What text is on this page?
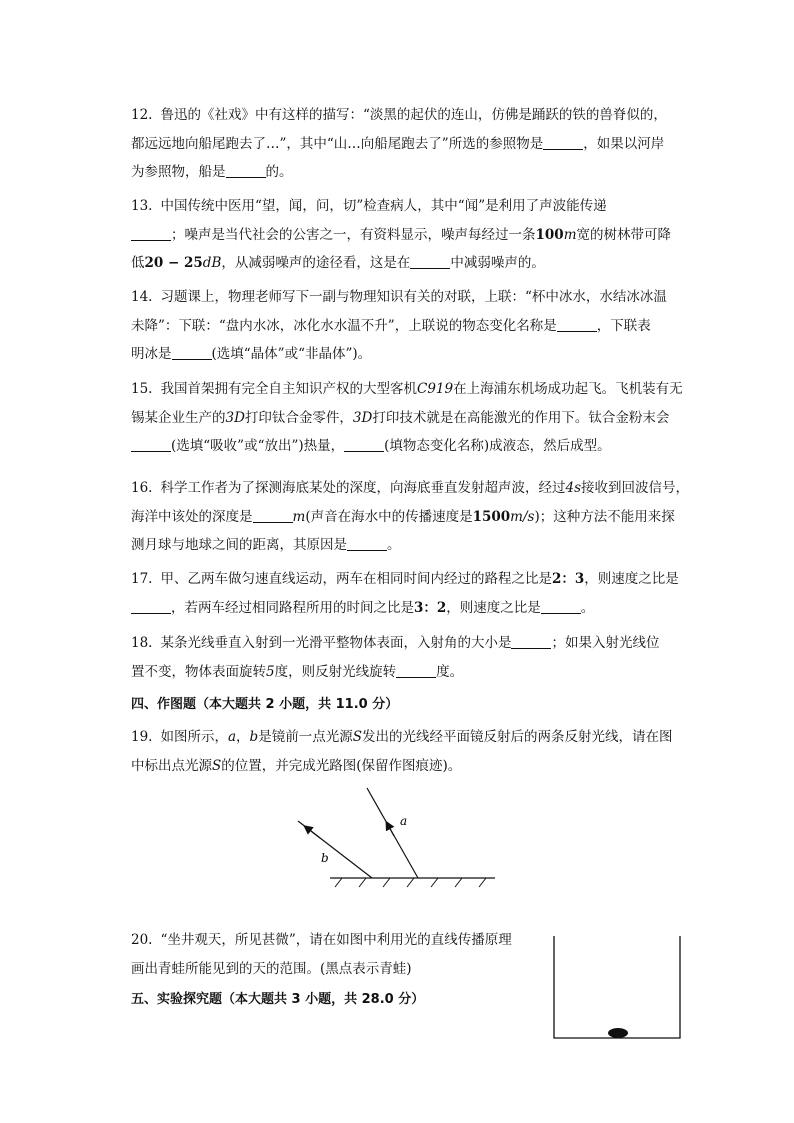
12. 鲁迅的《社戏》中有这样的描写：“淡黑的起伏的连山，仿佛是踊跃的铁的兽脊似的，
都远远地向船尾跑去了…”，其中“山…向船尾跑去了”所选的参照物是	，如果以河岸
为参照物，船是	的。
13. 中国传统中医用“望，闻，问，切”检查病人，其中“闻”是利用了声波能传递
；噪声是当代社会的公害之一，有资料显示，噪声每经过一条100m宽的树林带可降
低20 − 25dB，从减弱噪声的途径看，这是在	中减弱噪声的。
14. 习题课上，物理老师写下一副与物理知识有关的对联，上联：“杯中冰水，水结冰冰温
未降”：下联：“盘内水冰，冰化水水温不升”，上联说的物态变化名称是	，下联表
明冰是	(选填“晶体”或“非晶体”)。
15. 我国首架拥有完全自主知识产权的大型客机C919在上海浦东机场成功起飞。飞机装有无
锡某企业生产的3D打印钛合金零件，3D打印技术就是在高能激光的作用下。钛合金粉末会
(选填“吸收”或“放出”)热量，	(填物态变化名称)成液态，然后成型。
16. 科学工作者为了探测海底某处的深度，向海底垂直发射超声波，经过4s接收到回波信号，
海洋中该处的深度是	m(声音在海水中的传播速度是1500m/s)；这种方法不能用来探
测月球与地球之间的距离，其原因是	。
17. 甲、乙两车做匀速直线运动，两车在相同时间内经过的路程之比是2：3，则速度之比是
，若两车经过相同路程所用的时间之比是3：2，则速度之比是	。
18. 某条光线垂直入射到一光滑平整物体表面，入射角的大小是	；如果入射光线位
置不变，物体表面旋转5度，则反射光线旋转	度。
四、作图题（本大题共 2 小题，共 11.0 分）
19. 如图所示，a，b是镜前一点光源S发出的光线经平面镜反射后的两条反射光线，请在图
中标出点光源S的位置，并完成光路图(保留作图痕迹)。
a
b
20. “坐井观天，所见甚微”，请在如图中利用光的直线传播原理
画出青蛙所能见到的天的范围。(黑点表示青蛙)
五、实验探究题（本大题共 3 小题，共 28.0 分）
